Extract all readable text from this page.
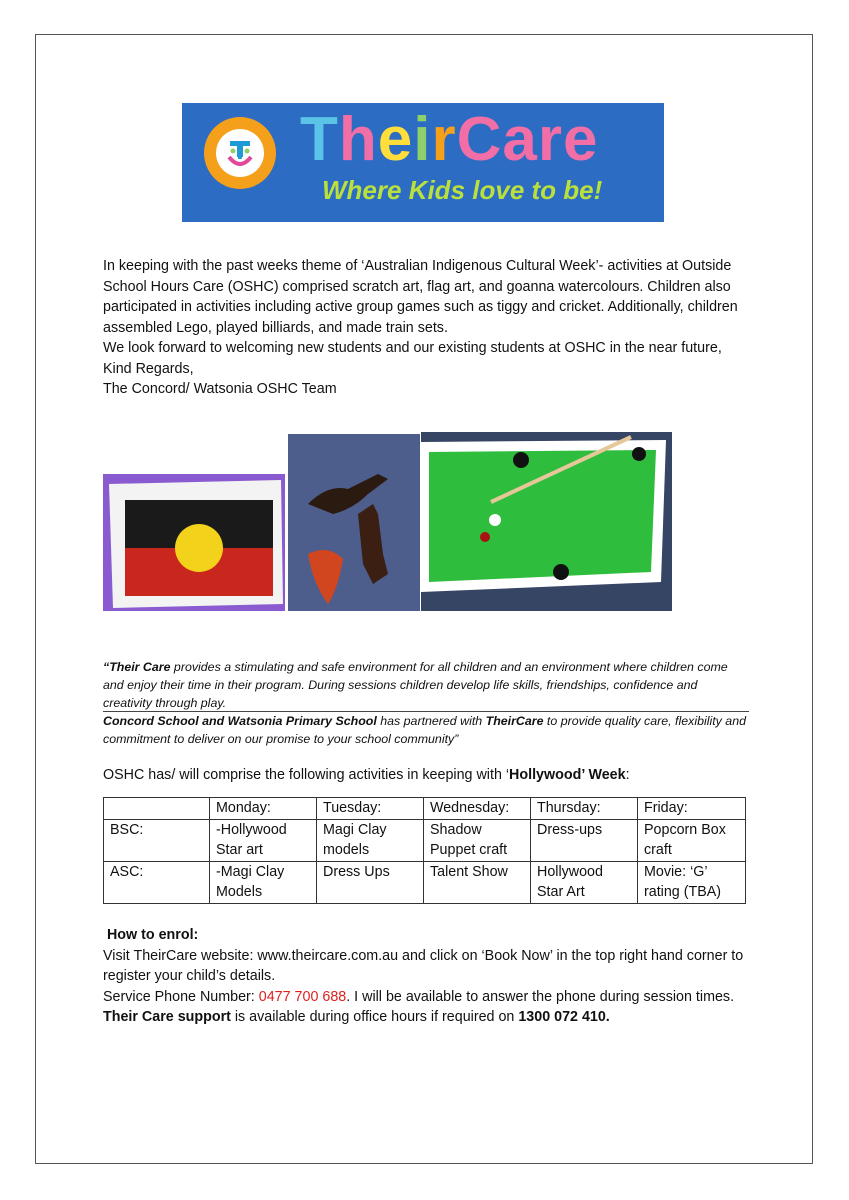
TheirCare
Where Kids love to be!

In keeping with the past weeks theme of ‘Australian Indigenous Cultural Week’- activities at Outside School Hours Care (OSHC) comprised scratch art, flag art, and goanna watercolours. Children also participated in activities including active group games such as tiggy and cricket. Additionally, children assembled Lego, played billiards, and made train sets.

We look forward to welcoming new students and our existing students at OSHC in the near future,

Kind Regards,

The Concord/ Watsonia OSHC Team

“Their Care provides a stimulating and safe environment for all children and an environment where children come and enjoy their time in their program. During sessions children develop life skills, friendships, confidence and creativity through play.

Concord School and Watsonia Primary School has partnered with TheirCare to provide quality care, flexibility and commitment to deliver on our promise to your school community”

OSHC has/ will comprise the following activities in keeping with ‘Hollywood’ Week:
	Monday:	Tuesday:	Wednesday:	Thursday:	Friday:
BSC:	-Hollywood Star art	Magi Clay models	Shadow Puppet craft	Dress-ups	Popcorn Box craft
ASC:	-Magi Clay Models	Dress Ups	Talent Show	Hollywood Star Art	Movie: ‘G’ rating (TBA)

How to enrol:

Visit TheirCare website: www.theircare.com.au and click on ‘Book Now’ in the top right hand corner to register your child’s details.

Service Phone Number: 0477 700 688. I will be available to answer the phone during session times.

Their Care support is available during office hours if required on 1300 072 410.
